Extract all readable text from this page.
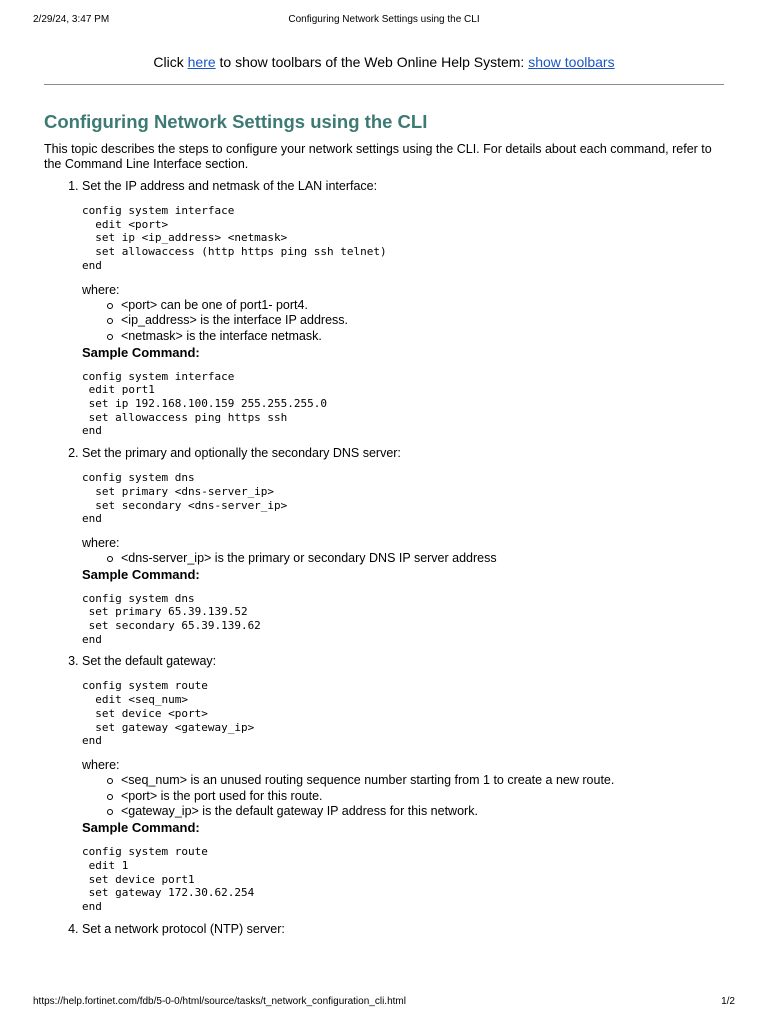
2/29/24, 3:47 PM	Configuring Network Settings using the CLI
Click here to show toolbars of the Web Online Help System: show toolbars
Configuring Network Settings using the CLI

This topic describes the steps to configure your network settings using the CLI. For details about each command, refer to the Command Line Interface section.

1. Set the IP address and netmask of the LAN interface:
config system interface
edit <port>
set ip <ip_address> <netmask>
set allowaccess (http https ping ssh telnet)
end
where:
<port> can be one of port1- port4.
<ip_address> is the interface IP address.
<netmask> is the interface netmask.
Sample Command:
config system interface
edit port1
set ip 192.168.100.159 255.255.255.0
set allowaccess ping https ssh
end
2. Set the primary and optionally the secondary DNS server:
config system dns
set primary <dns-server_ip>
set secondary <dns-server_ip>
end
where:
<dns-server_ip> is the primary or secondary DNS IP server address
Sample Command:
config system dns
set primary 65.39.139.52
set secondary 65.39.139.62
end
3. Set the default gateway:
config system route
edit <seq_num>
set device <port>
set gateway <gateway_ip>
end
where:
<seq_num> is an unused routing sequence number starting from 1 to create a new route.
<port> is the port used for this route.
<gateway_ip> is the default gateway IP address for this network.
Sample Command:
config system route
edit 1
set device port1
set gateway 172.30.62.254
end
4. Set a network protocol (NTP) server:
https://help.fortinet.com/fdb/5-0-0/html/source/tasks/t_network_configuration_cli.html	1/2
